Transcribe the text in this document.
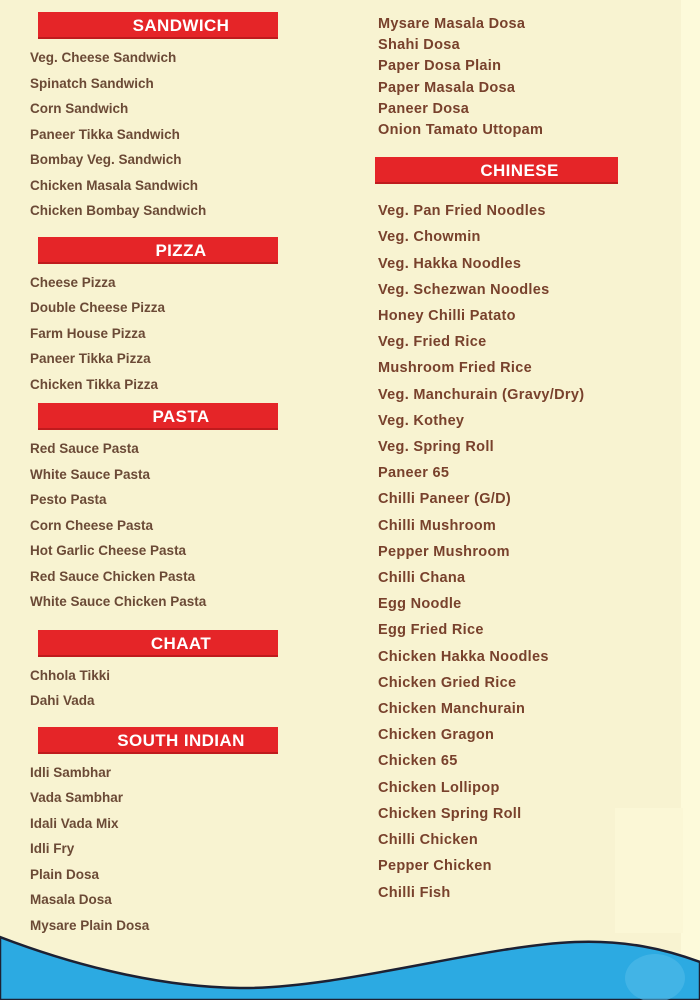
SANDWICH
Veg. Cheese Sandwich
Spinatch Sandwich
Corn Sandwich
Paneer Tikka Sandwich
Bombay Veg. Sandwich
Chicken Masala Sandwich
Chicken Bombay Sandwich
PIZZA
Cheese Pizza
Double Cheese Pizza
Farm House Pizza
Paneer Tikka Pizza
Chicken Tikka Pizza
PASTA
Red Sauce Pasta
White Sauce Pasta
Pesto Pasta
Corn Cheese Pasta
Hot Garlic Cheese Pasta
Red Sauce Chicken Pasta
White Sauce Chicken Pasta
CHAAT
Chhola Tikki
Dahi Vada
SOUTH INDIAN
Idli Sambhar
Vada Sambhar
Idali Vada Mix
Idli Fry
Plain Dosa
Masala Dosa
Mysare Plain Dosa
Mysare Masala Dosa
Shahi Dosa
Paper Dosa Plain
Paper Masala Dosa
Paneer Dosa
Onion Tamato Uttopam
CHINESE
Veg. Pan Fried Noodles
Veg. Chowmin
Veg. Hakka Noodles
Veg. Schezwan Noodles
Honey Chilli Patato
Veg. Fried Rice
Mushroom Fried Rice
Veg. Manchurain (Gravy/Dry)
Veg. Kothey
Veg. Spring Roll
Paneer 65
Chilli Paneer (G/D)
Chilli Mushroom
Pepper Mushroom
Chilli Chana
Egg Noodle
Egg Fried Rice
Chicken Hakka Noodles
Chicken Gried Rice
Chicken Manchurain
Chicken Gragon
Chicken 65
Chicken Lollipop
Chicken Spring Roll
Chilli Chicken
Pepper Chicken
Chilli Fish
